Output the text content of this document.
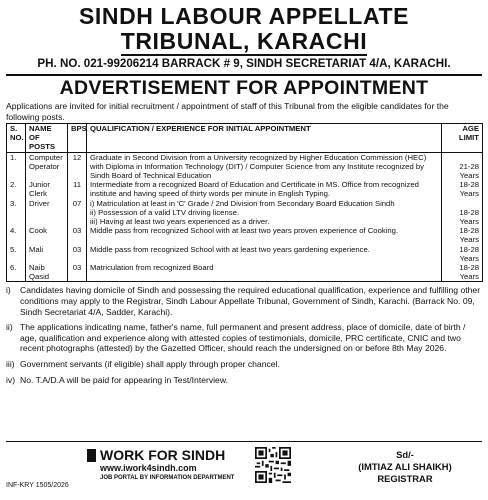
SINDH LABOUR APPELLATE
TRIBUNAL, KARACHI
PH. NO. 021-99206214 BARRACK # 9, SINDH SECRETARIAT 4/A, KARACHI.
ADVERTISEMENT FOR APPOINTMENT
Applications are invited for initial recruitment / appointment of staff of this Tribunal from the eligible candidates for the following posts.
S. NO.	NAME OF POSTS	BPS	QUALIFICATION / EXPERIENCE FOR INITIAL APPOINTMENT	AGE LIMIT
1.	Computer Operator	12	Graduate in Second Division from a University recognized by Higher Education Commission (HEC) with Diploma in Information Technology (DIT) / Computer Science from any Institute recognized by Sindh Board of Technical Education	21-28 Years
2.	Junior Clerk	11	Intermediate from a recognized Board of Education and Certificate in MS. Office from recognized institute and having speed of thirty words per minute in English Typing.	18-28 Years
3.	Driver	07	i) Matriculation at least in 'C' Grade / 2nd Division from Secondary Board Education Sindh
ii) Possession of a valid LTV driving license.
iii) Having at least two years experienced as a driver.	18-28 Years
4.	Cook	03	Middle pass from recognized School with at least two years proven experience of Cooking.	18-28 Years
5.	Mali	03	Middle pass from recognized School with at least two years gardening experience.	18-28 Years
6.	Naib Qasid	03	Matriculation from recognized Board	18-28 Years
i)	Candidates having domicile of Sindh and possessing the required educational qualification, experience and fulfilling other conditions may apply to the Registrar, Sindh Labour Appellate Tribunal, Government of Sindh, Karachi. (Barrack No. 09, Sindh Secretariat 4/A, Sadder, Karachi).
ii) The applications indicating name, father's name, full permanent and present address, place of domicile, date of birth / age, qualification and experience along with attested copies of testimonials, domicile, PRC certificate, CNIC and two recent photographs (attested) by the Gazetted Officer, should reach the undersigned on or before 8th May 2026.
iii) Government servants (if eligible) shall apply through proper chancel.
iv) No. T.A/D.A will be paid for appearing in Test/Interview.
INF-KRY 1505/2026
WORK FOR SINDH
www.iwork4sindh.com
JOB PORTAL BY INFORMATION DEPARTMENT
Sd/-
(IMTIAZ ALI SHAIKH)
REGISTRAR
